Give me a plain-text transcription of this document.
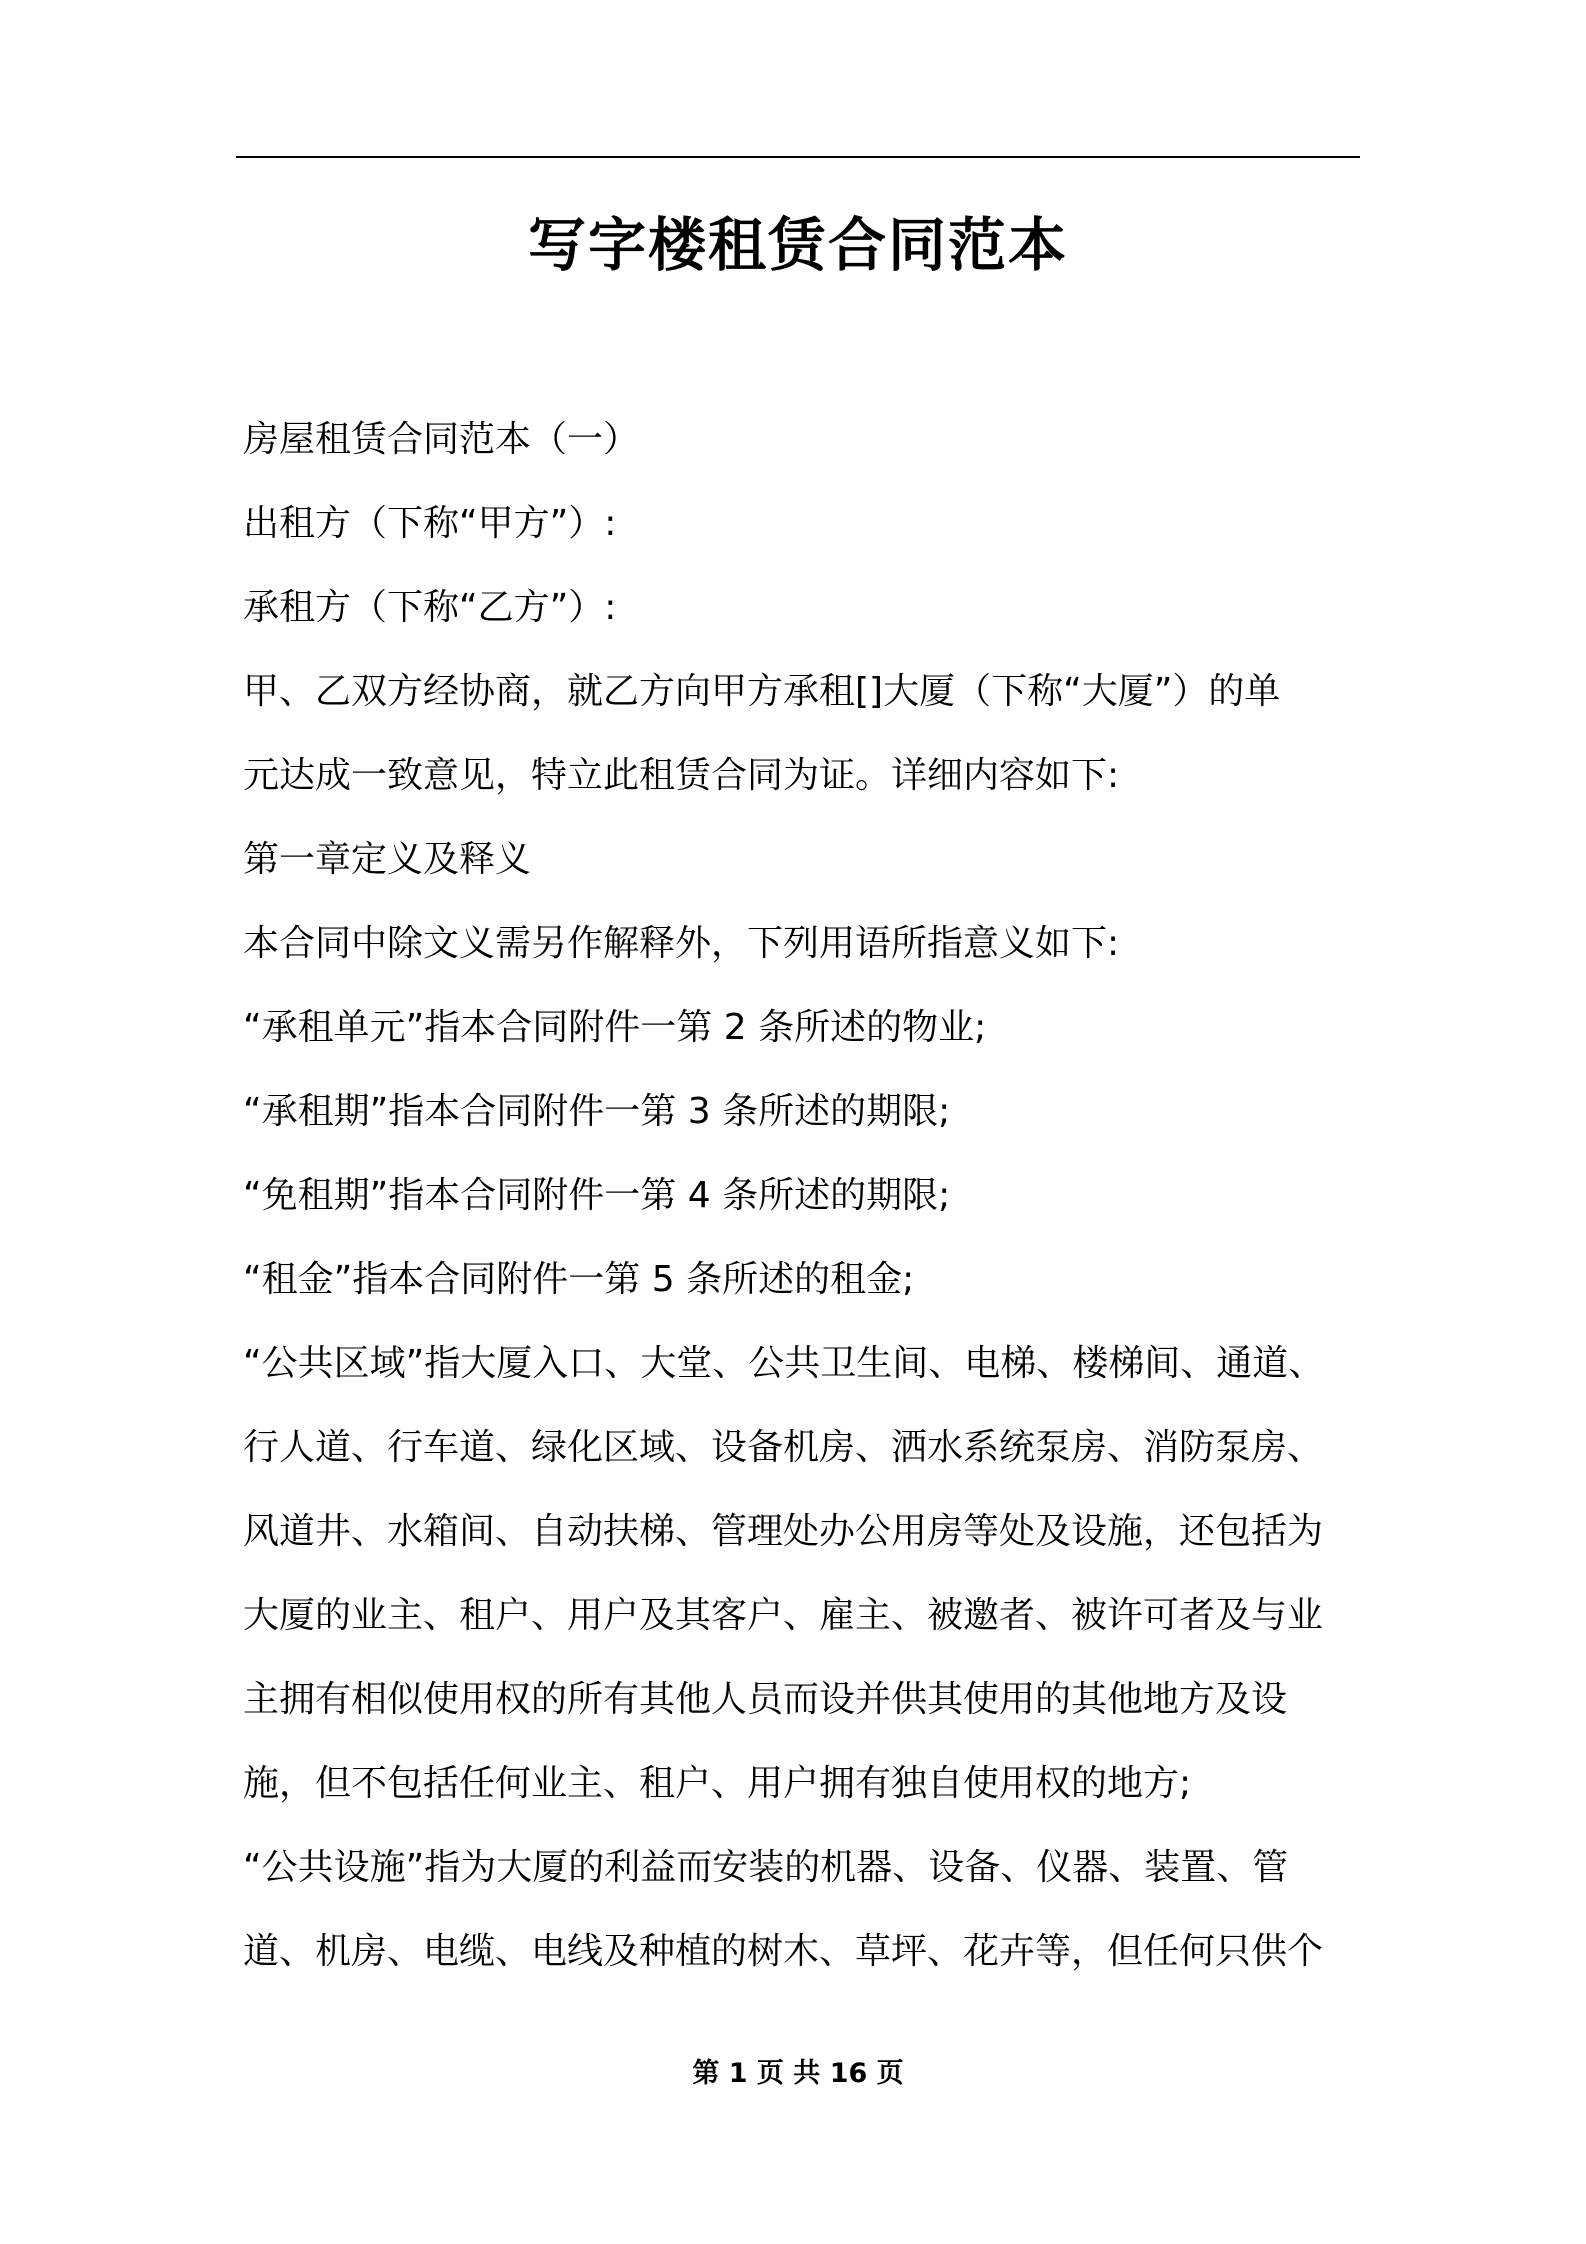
写字楼租赁合同范本
房屋租赁合同范本（一）
出租方（下称“甲方”）:
承租方（下称“乙方”）:
甲、乙双方经协商，就乙方向甲方承租[]大厦（下称“大厦”）的单
元达成一致意见，特立此租赁合同为证。详细内容如下:
第一章定义及释义
本合同中除文义需另作解释外，下列用语所指意义如下:
“承租单元”指本合同附件一第 2 条所述的物业;
“承租期”指本合同附件一第 3 条所述的期限;
“免租期”指本合同附件一第 4 条所述的期限;
“租金”指本合同附件一第 5 条所述的租金;
“公共区域”指大厦入口、大堂、公共卫生间、电梯、楼梯间、通道、
行人道、行车道、绿化区域、设备机房、洒水系统泵房、消防泵房、
风道井、水箱间、自动扶梯、管理处办公用房等处及设施，还包括为
大厦的业主、租户、用户及其客户、雇主、被邀者、被许可者及与业
主拥有相似使用权的所有其他人员而设并供其使用的其他地方及设
施，但不包括任何业主、租户、用户拥有独自使用权的地方;
“公共设施”指为大厦的利益而安装的机器、设备、仪器、装置、管
道、机房、电缆、电线及种植的树木、草坪、花卉等，但任何只供个
第 1 页 共 16 页
